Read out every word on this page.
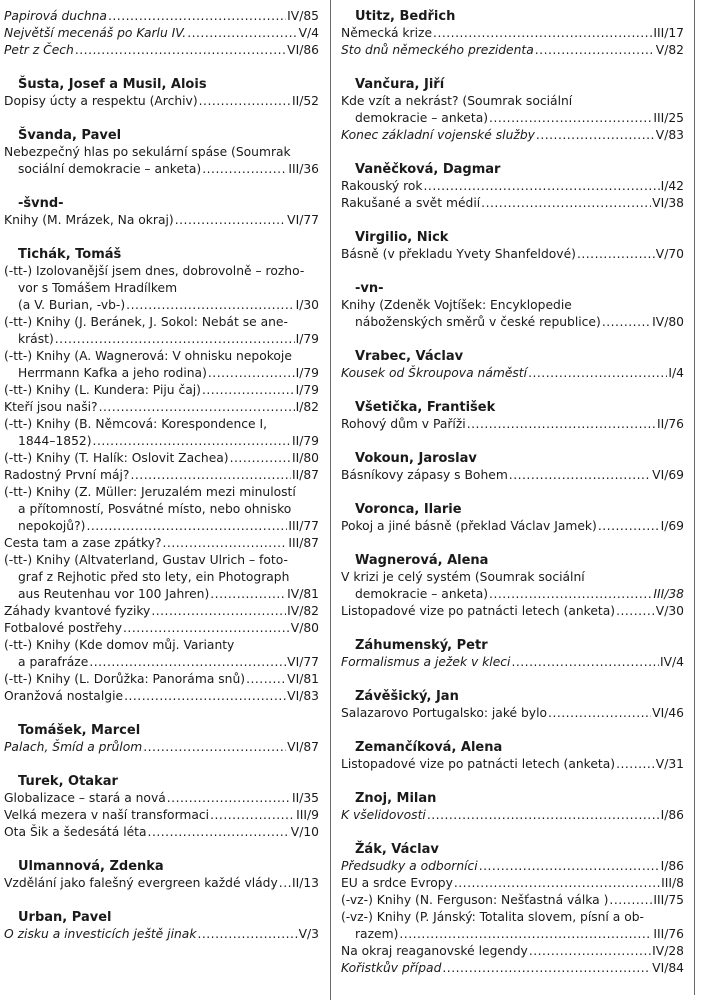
Papirová duchna .....	IV/85
Největší mecenáš po Karlu IV. .....	V/4
Petr z Čech .....	VI/86
Šusta, Josef a Musil, Alois
Dopisy úcty a respektu (Archiv) .....	II/52
Švanda, Pavel
Nebezpečný hlas po sekulární spáse (Soumrak
sociální demokracie – anketa) .....	III/36
-švnd-
Knihy (M. Mrázek, Na okraj) .....	VI/77
Tichák, Tomáš
(-tt-) Izolovanější jsem dnes, dobrovolně – rozho-
vor s Tomášem Hradílkem
(a V. Burian, -vb-) .....	I/30
(-tt-) Knihy (J. Beránek, J. Sokol: Nebát se ane-
krást) .....	I/79
(-tt-) Knihy (A. Wagnerová: V ohnisku nepokoje
Herrmann Kafka a jeho rodina) .....	I/79
(-tt-) Knihy (L. Kundera: Piju čaj) .....	I/79
Kteří jsou naši? .....	I/82
(-tt-) Knihy (B. Němcová: Korespondence I,
1844–1852) .....	II/79
(-tt-) Knihy (T. Halík: Oslovit Zachea) .....	II/80
Radostný První máj? .....	II/87
(-tt-) Knihy (Z. Müller: Jeruzalém mezi minulostí
a přítomností, Posvátné místo, nebo ohnisko
nepokojů?) .....	III/77
Cesta tam a zase zpátky? .....	III/87
(-tt-) Knihy (Altvaterland, Gustav Ulrich – foto-
graf z Rejhotic před sto lety, ein Photograph
aus Reutenhau vor 100 Jahren) .....	IV/81
Záhady kvantové fyziky .....	IV/82
Fotbalové postřehy .....	V/80
(-tt-) Knihy (Kde domov můj. Varianty
a parafráze .....	VI/77
(-tt-) Knihy (L. Dorůžka: Panoráma snů) .....	VI/81
Oranžová nostalgie .....	VI/83
Tomášek, Marcel
Palach, Šmíd a průlom .....	VI/87
Turek, Otakar
Globalizace – stará a nová .....	II/35
Velká mezera v naší transformaci .....	III/9
Ota Šik a šedesátá léta .....	V/10
Ulmannová, Zdenka
Vzdělání jako falešný evergreen každé vlády ..... II/13
Urban, Pavel
O zisku a investicích ještě jinak .....	V/3
Utitz, Bedřich
Německá krize .....	III/17
Sto dnů německého prezidenta .....	V/82
Vančura, Jiří
Kde vzít a nekrást? (Soumrak sociální
demokracie – anketa) .....	III/25
Konec základní vojenské služby .....	V/83
Vaněčková, Dagmar
Rakouský rok .....	I/42
Rakušané a svět médií .....	VI/38
Virgilio, Nick
Básně (v překladu Yvety Shanfeldové) .....	V/70
-vn-
Knihy (Zdeněk Vojtíšek: Encyklopedie
náboženských směrů v české republice) .....	IV/80
Vrabec, Václav
Kousek od Škroupova náměstí .....	I/4
Všetička, František
Rohový dům v Paříži .....	II/76
Vokoun, Jaroslav
Básníkovy zápasy s Bohem .....	VI/69
Voronca, Ilarie
Pokoj a jiné básně (překlad Václav Jamek) .....	I/69
Wagnerová, Alena
V krizi je celý systém (Soumrak sociální
demokracie – anketa) .....	III/38
Listopadové vize po patnácti letech (anketa) .....	V/30
Záhumenský, Petr
Formalismus a ježek v kleci .....	IV/4
Závěšický, Jan
Salazarovo Portugalsko: jaké bylo .....	VI/46
Zemančíková, Alena
Listopadové vize po patnácti letech (anketa) .....	V/31
Znoj, Milan
K všelidovosti .....	I/86
Žák, Václav
Předsudky a odborníci .....	I/86
EU a srdce Evropy .....	III/8
(-vz-) Knihy (N. Ferguson: Nešťastná válka ) .....	III/75
(-vz-) Knihy (P. Jánský: Totalita slovem, písní a ob-
razem) .....	III/76
Na okraj reaganovské legendy .....	IV/28
Kořistkův případ .....	VI/84
